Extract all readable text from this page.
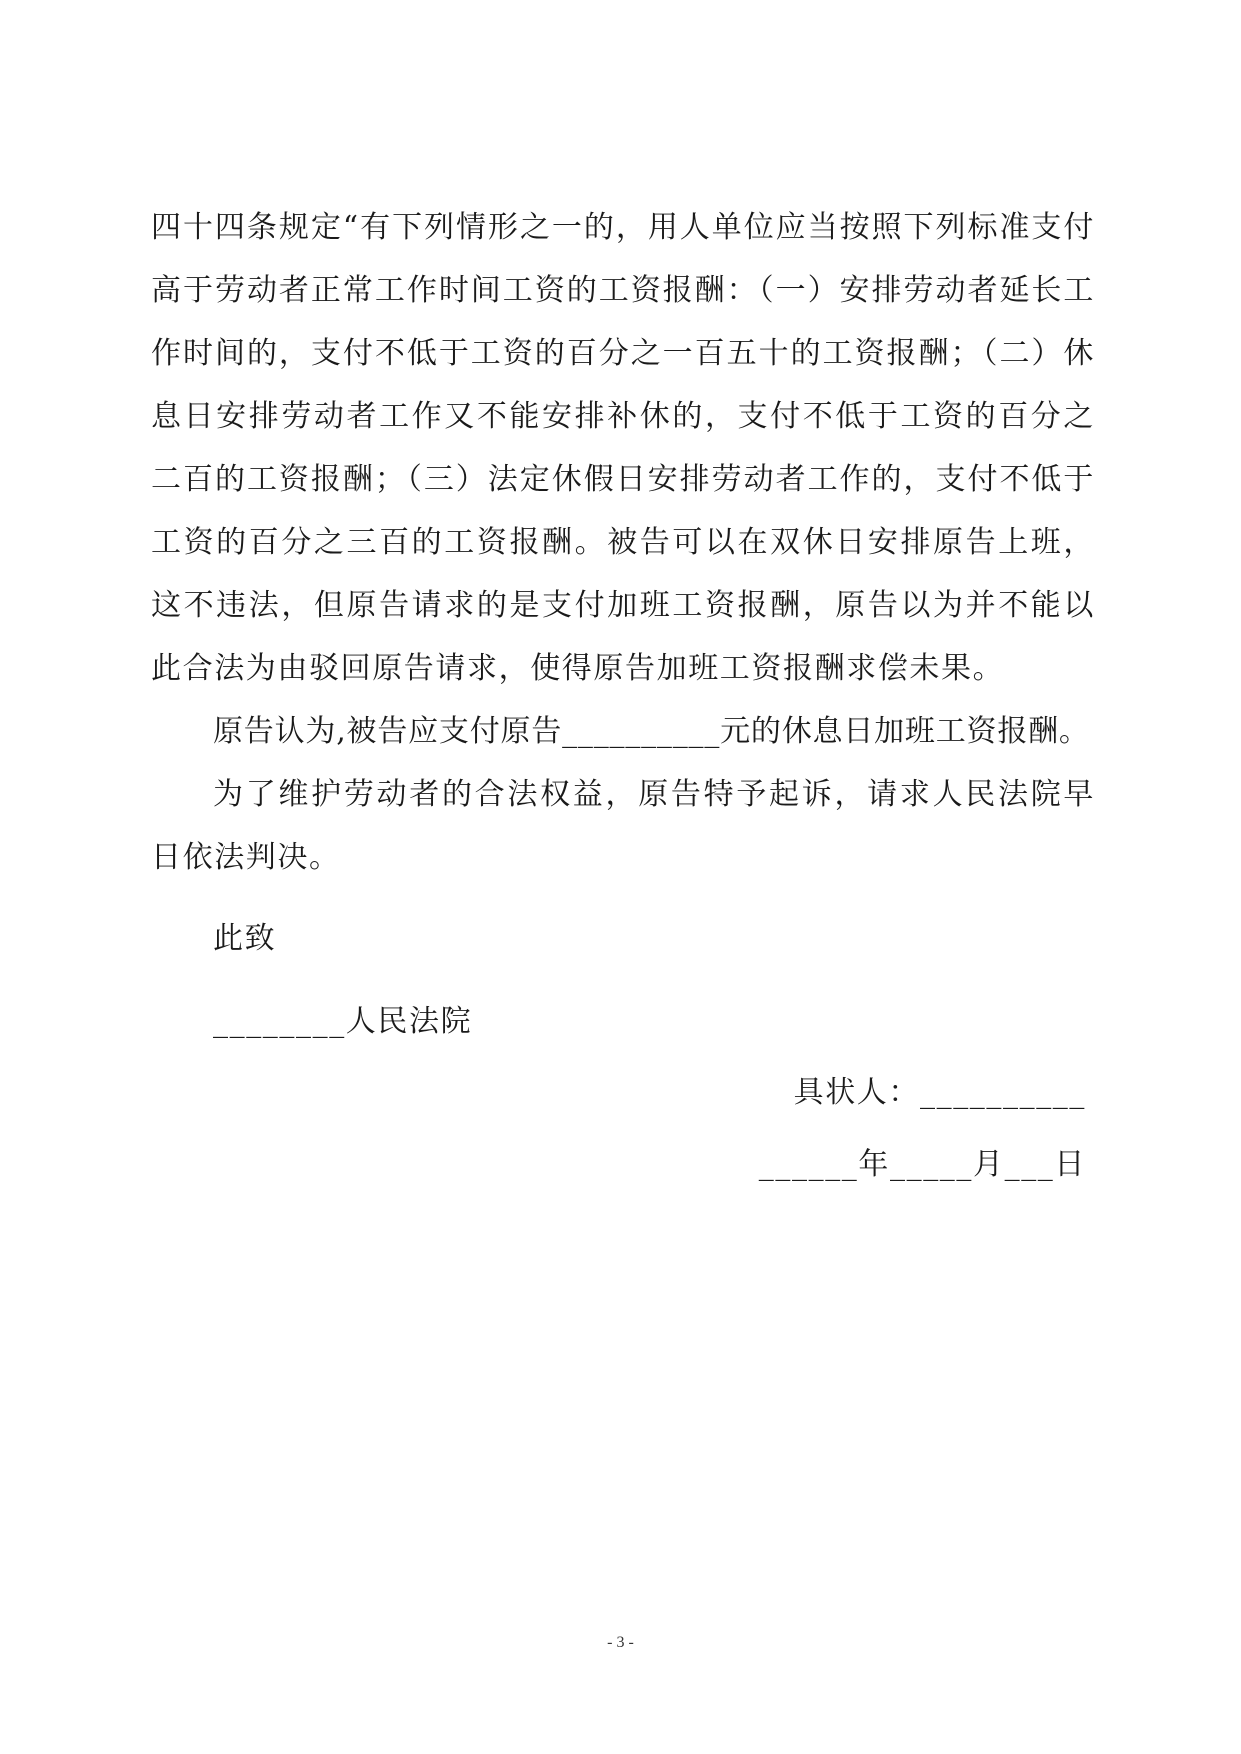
四十四条规定“有下列情形之一的，用人单位应当按照下列标准支付高于劳动者正常工作时间工资的工资报酬：（一）安排劳动者延长工作时间的，支付不低于工资的百分之一百五十的工资报酬；（二）休息日安排劳动者工作又不能安排补休的，支付不低于工资的百分之二百的工资报酬；（三）法定休假日安排劳动者工作的，支付不低于工资的百分之三百的工资报酬。被告可以在双休日安排原告上班，这不违法，但原告请求的是支付加班工资报酬，原告以为并不能以此合法为由驳回原告请求，使得原告加班工资报酬求偿未果。

原告认为,被告应支付原告__________元的休息日加班工资报酬。

为了维护劳动者的合法权益，原告特予起诉，请求人民法院早日依法判决。

此致

________人民法院

具状人：__________

______年_____月___日

- 3 -
